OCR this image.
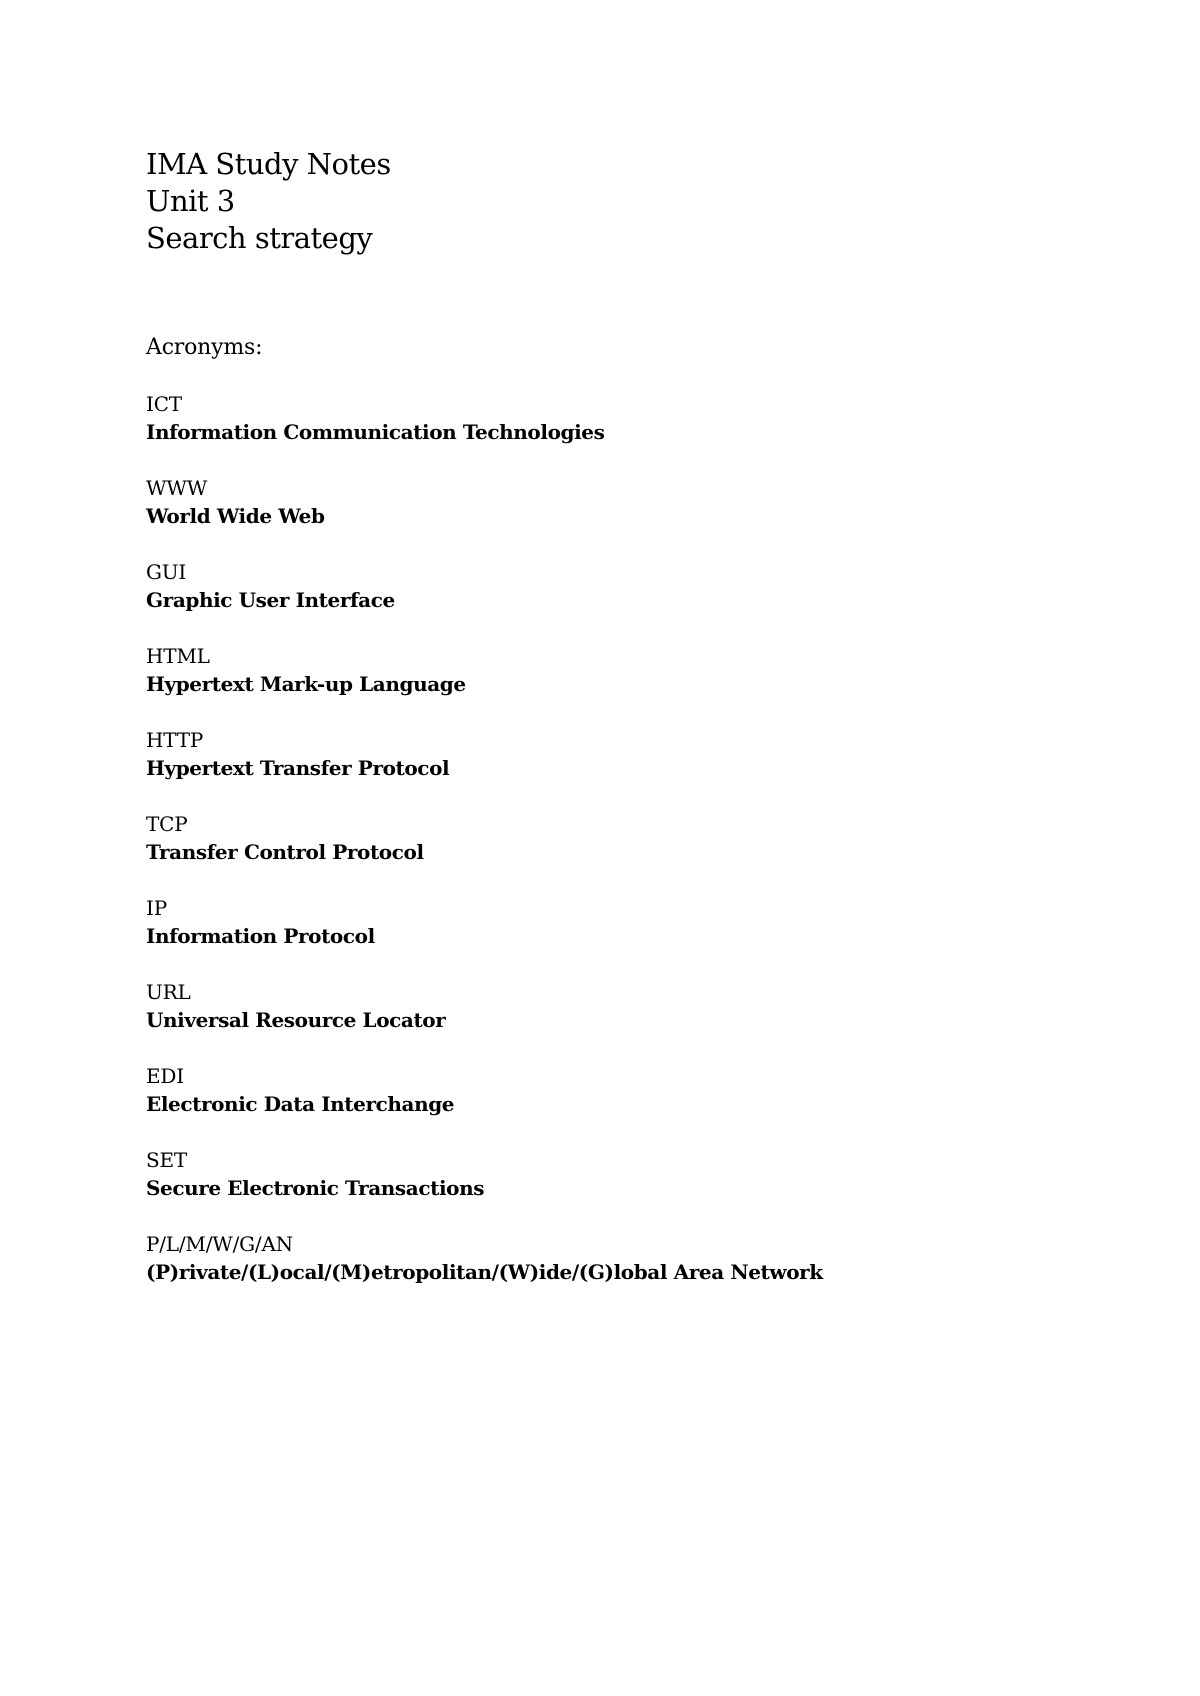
IMA Study Notes
Unit 3
Search strategy
Acronyms:
ICT
Information Communication Technologies
WWW
World Wide Web
GUI
Graphic User Interface
HTML
Hypertext Mark-up Language
HTTP
Hypertext Transfer Protocol
TCP
Transfer Control Protocol
IP
Information Protocol
URL
Universal Resource Locator
EDI
Electronic Data Interchange
SET
Secure Electronic Transactions
P/L/M/W/G/AN
(P)rivate/(L)ocal/(M)etropolitan/(W)ide/(G)lobal Area Network
